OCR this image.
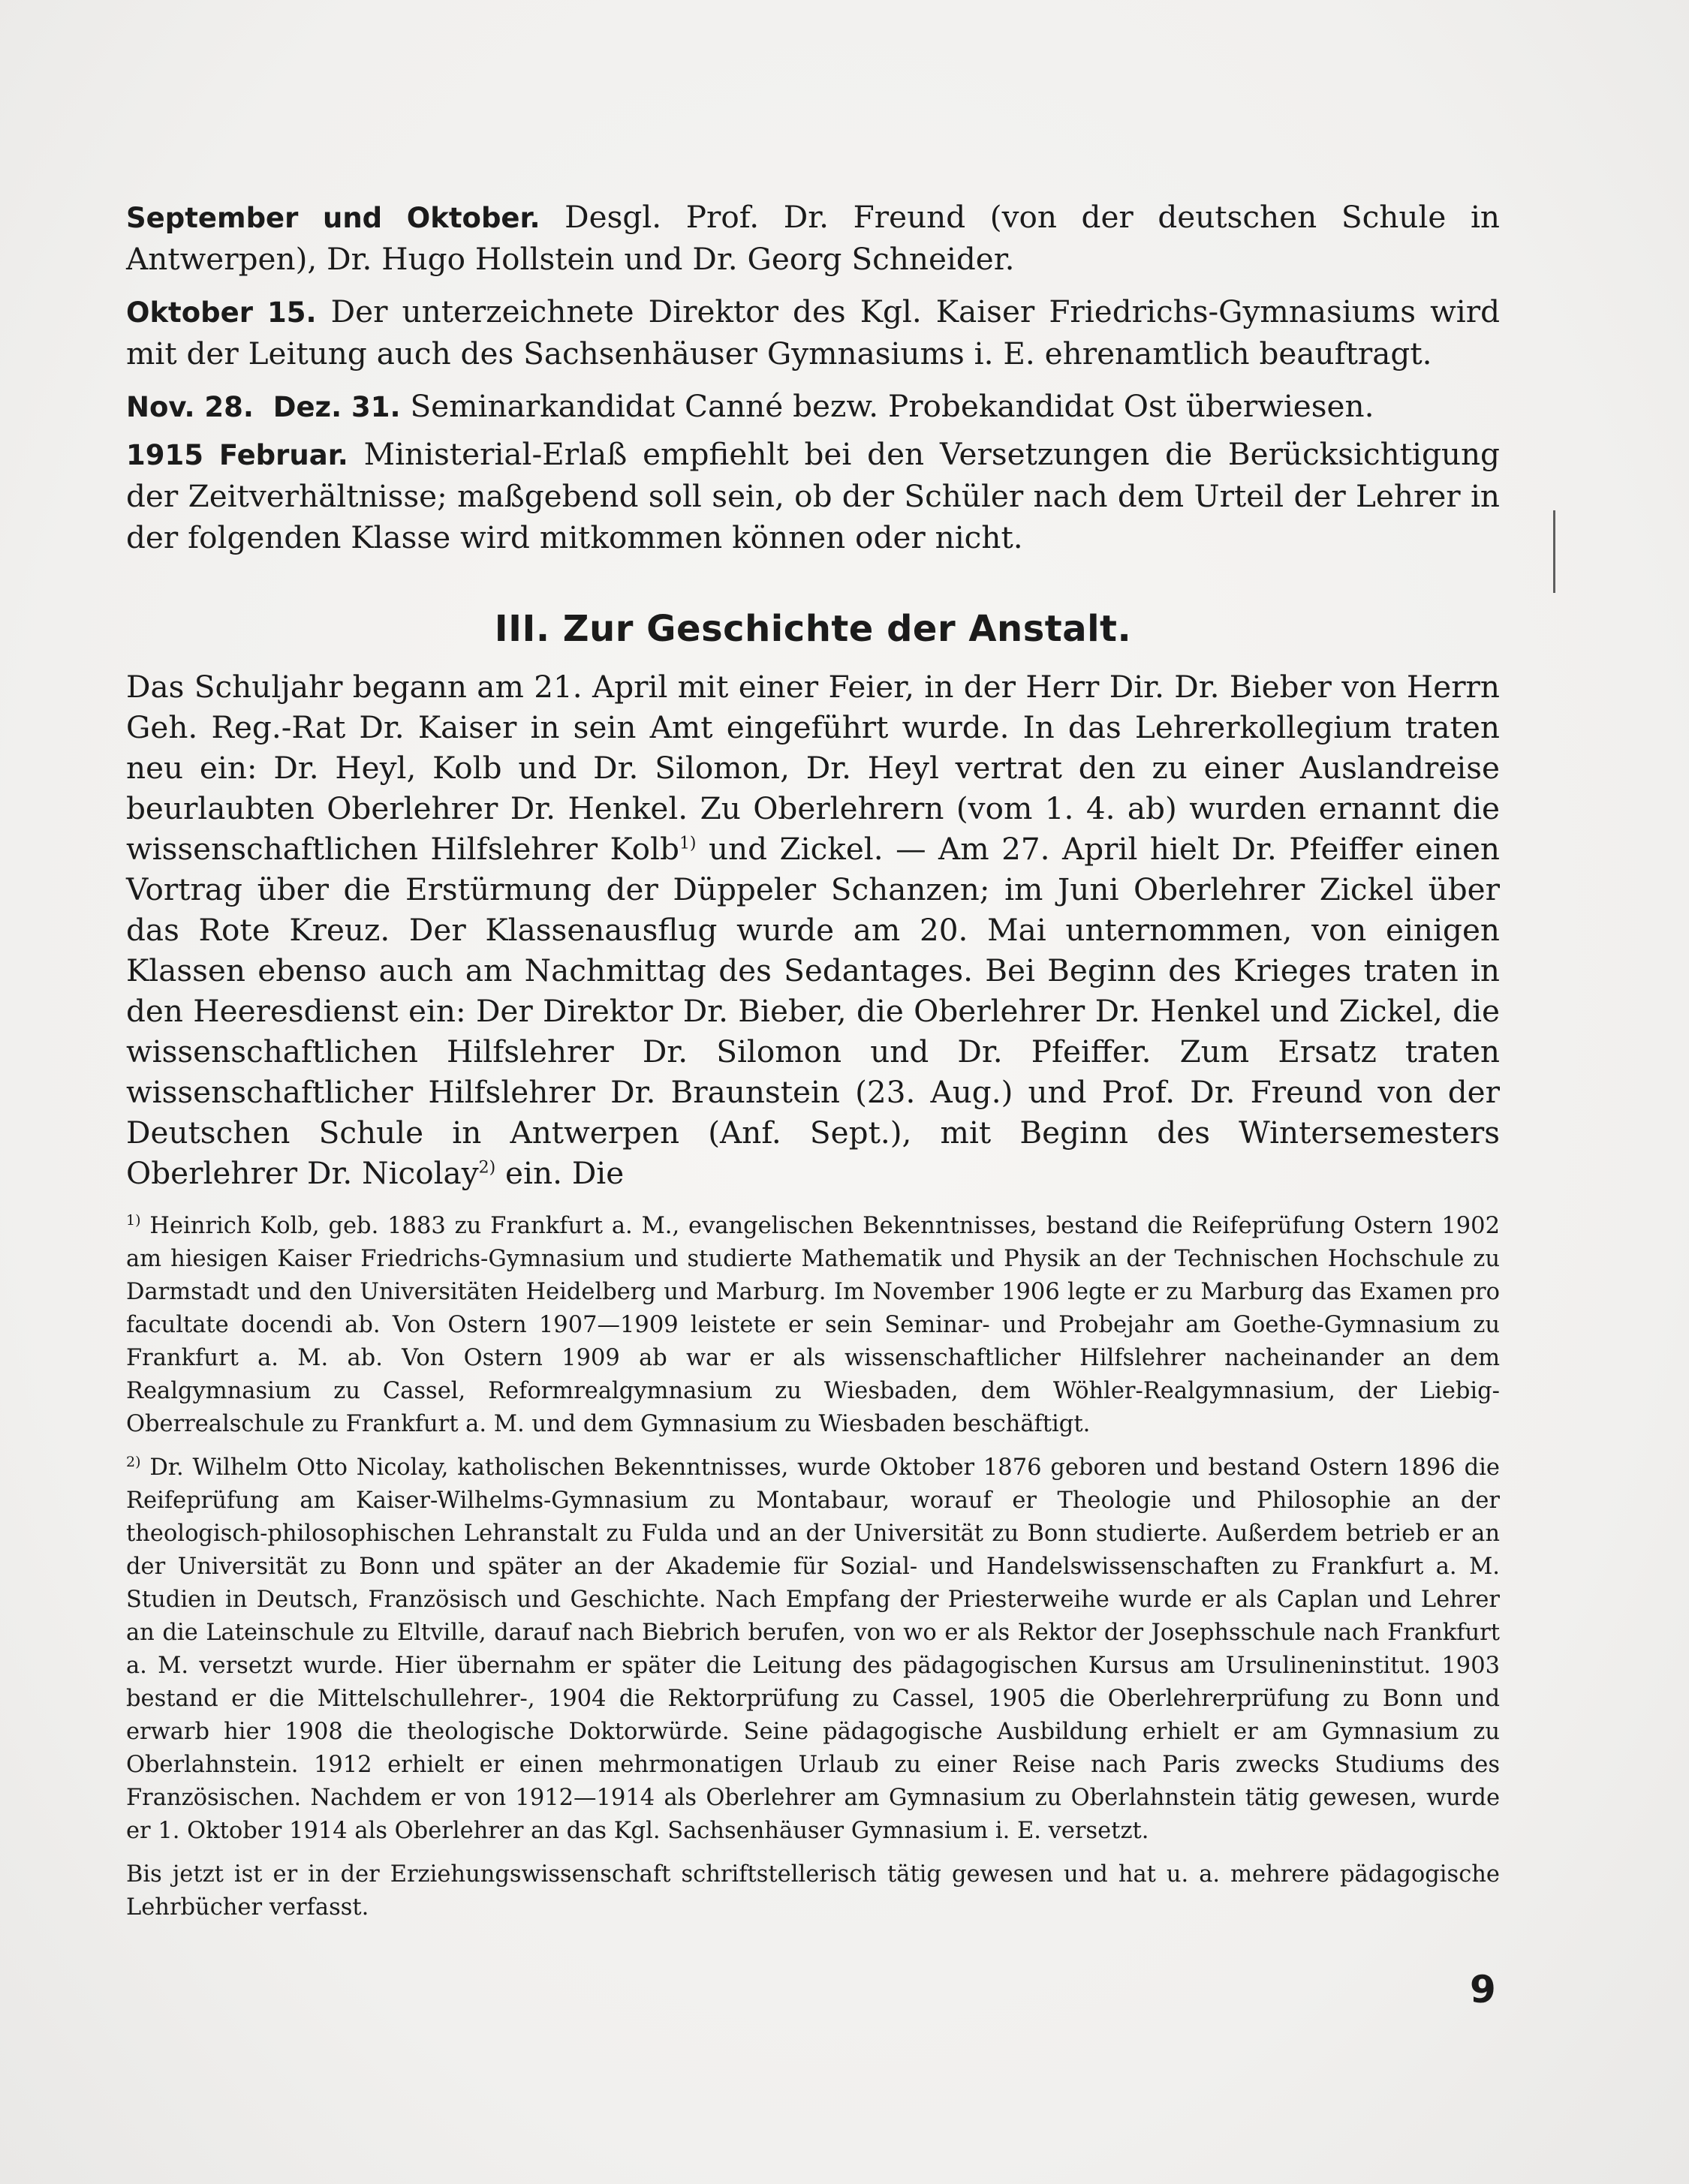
September und Oktober. Desgl. Prof. Dr. Freund (von der deutschen Schule in Antwerpen), Dr. Hugo Hollstein und Dr. Georg Schneider.

Oktober 15. Der unterzeichnete Direktor des Kgl. Kaiser Friedrichs-Gymnasiums wird mit der Leitung auch des Sachsenhäuser Gymnasiums i. E. ehrenamtlich beauftragt.

Nov. 28.  Dez. 31. Seminarkandidat Canné bezw. Probekandidat Ost überwiesen.

1915 Februar. Ministerial-Erlaß empfiehlt bei den Versetzungen die Berücksichtigung der Zeitverhältnisse; maßgebend soll sein, ob der Schüler nach dem Urteil der Lehrer in der folgenden Klasse wird mitkommen können oder nicht.

III. Zur Geschichte der Anstalt.

Das Schuljahr begann am 21. April mit einer Feier, in der Herr Dir. Dr. Bieber von Herrn Geh. Reg.-Rat Dr. Kaiser in sein Amt eingeführt wurde. In das Lehrerkollegium traten neu ein: Dr. Heyl, Kolb und Dr. Silomon, Dr. Heyl vertrat den zu einer Auslandreise beurlaubten Oberlehrer Dr. Henkel. Zu Oberlehrern (vom 1. 4. ab) wurden ernannt die wissenschaftlichen Hilfslehrer Kolb$^{1)}$ und Zickel. — Am 27. April hielt Dr. Pfeiffer einen Vortrag über die Erstürmung der Düppeler Schanzen; im Juni Oberlehrer Zickel über das Rote Kreuz. Der Klassenausflug wurde am 20. Mai unternommen, von einigen Klassen ebenso auch am Nachmittag des Sedantages. Bei Beginn des Krieges traten in den Heeresdienst ein: Der Direktor Dr. Bieber, die Oberlehrer Dr. Henkel und Zickel, die wissenschaftlichen Hilfslehrer Dr. Silomon und Dr. Pfeiffer. Zum Ersatz traten wissenschaftlicher Hilfslehrer Dr. Braunstein (23. Aug.) und Prof. Dr. Freund von der Deutschen Schule in Antwerpen (Anf. Sept.), mit Beginn des Wintersemesters Oberlehrer Dr. Nicolay$^{2)}$ ein. Die

$^{1)}$ Heinrich Kolb, geb. 1883 zu Frankfurt a. M., evangelischen Bekenntnisses, bestand die Reifeprüfung Ostern 1902 am hiesigen Kaiser Friedrichs-Gymnasium und studierte Mathematik und Physik an der Technischen Hochschule zu Darmstadt und den Universitäten Heidelberg und Marburg. Im November 1906 legte er zu Marburg das Examen pro facultate docendi ab. Von Ostern 1907—1909 leistete er sein Seminar- und Probejahr am Goethe-Gymnasium zu Frankfurt a. M. ab. Von Ostern 1909 ab war er als wissenschaftlicher Hilfslehrer nacheinander an dem Realgymnasium zu Cassel, Reformrealgymnasium zu Wiesbaden, dem Wöhler-Realgymnasium, der Liebig-Oberrealschule zu Frankfurt a. M. und dem Gymnasium zu Wiesbaden beschäftigt.

$^{2)}$ Dr. Wilhelm Otto Nicolay, katholischen Bekenntnisses, wurde Oktober 1876 geboren und bestand Ostern 1896 die Reifeprüfung am Kaiser-Wilhelms-Gymnasium zu Montabaur, worauf er Theologie und Philosophie an der theologisch-philosophischen Lehranstalt zu Fulda und an der Universität zu Bonn studierte. Außerdem betrieb er an der Universität zu Bonn und später an der Akademie für Sozial- und Handelswissenschaften zu Frankfurt a. M. Studien in Deutsch, Französisch und Geschichte. Nach Empfang der Priesterweihe wurde er als Caplan und Lehrer an die Lateinschule zu Eltville, darauf nach Biebrich berufen, von wo er als Rektor der Josephsschule nach Frankfurt a. M. versetzt wurde. Hier übernahm er später die Leitung des pädagogischen Kursus am Ursulineninstitut. 1903 bestand er die Mittelschullehrer-, 1904 die Rektorprüfung zu Cassel, 1905 die Oberlehrerprüfung zu Bonn und erwarb hier 1908 die theologische Doktorwürde. Seine pädagogische Ausbildung erhielt er am Gymnasium zu Oberlahnstein. 1912 erhielt er einen mehrmonatigen Urlaub zu einer Reise nach Paris zwecks Studiums des Französischen. Nachdem er von 1912—1914 als Oberlehrer am Gymnasium zu Oberlahnstein tätig gewesen, wurde er 1. Oktober 1914 als Oberlehrer an das Kgl. Sachsenhäuser Gymnasium i. E. versetzt.

Bis jetzt ist er in der Erziehungswissenschaft schriftstellerisch tätig gewesen und hat u. a. mehrere pädagogische Lehrbücher verfasst.

9
